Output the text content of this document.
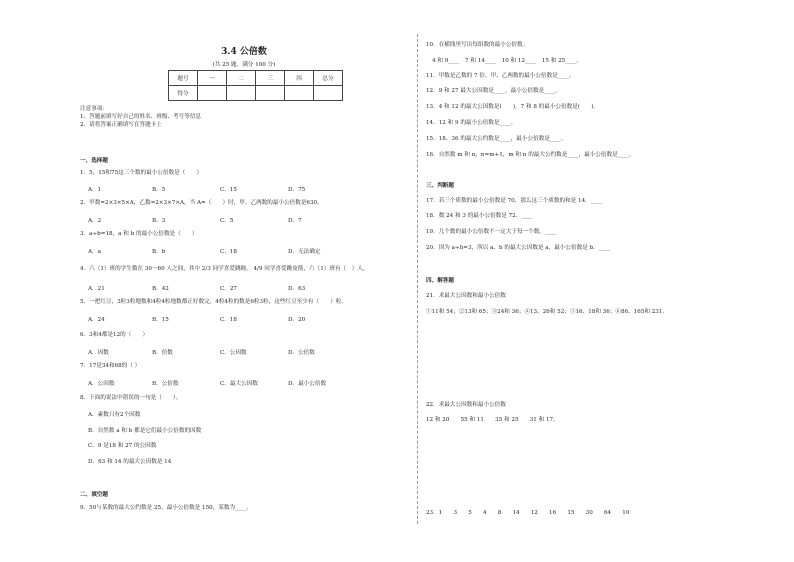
3.4 公倍数
(共 25 题，满分 100 分)
题号	一	二	三	四	总分
得分					
注意事项：
1、答题前填写好自己的姓名、班级、考号等信息
2、请将答案正确填写在答题卡上
一、选择题
1．5，15和75这三个数的最小公倍数是（　　）
A．1	B．5	C．15	D．75
2．甲数=2×3×5×A，乙数=2×3×7×A，当 A=（　　）时，甲、乙两数的最小公倍数是630。
A．2	B．3	C．5	D．7
3．a÷b=18，a 和 b 的最小公倍数是（　　）
A．a	B．b	C．18	D．无法确定
4．六（1）班的学生数在 30～60 人之间，其中 2/3 同学喜爱跳绳， 4/9 同学喜爱跳皮筋，六（1）班有（　）人。
A．21	B．42	C．27	D．63
5．一把红豆，3粒3粒地数和4粒4粒地数都正好数完，4粒4粒的数是6粒3粒，这些红豆至少有（　　）粒。
A．24	B．15	C．18	D．20
6．3和4都是12的（　　）
A．因数	B．倍数	C．公因数	D．公倍数
7．17是34和68的（ ）
A．公因数	B．公倍数	C．最大公因数	D．最小公倍数
8．下面的说法中错误的一句是（　　）。
A．素数只有2个因数
B．自然数 a 和 b 都是它们最小公倍数的因数
C．9 是18 和 27 的公因数
D．63 和 14 的最大公因数是 14
二、填空题
9．50与某数的最大公约数是 25，最小公倍数是 150，某数为____。
10．在横线里写出每组数的最小公倍数。
4 和 9____　7 和 14____　10 和 12____　15 和 25____。
11．甲数是乙数的 7 倍，甲、乙两数的最小公倍数是____。
12．9 和 27 最大公因数是____，最小公倍数是____。
13．4 和 12 的最大公因数是(　　)，7 和 8 的最小公倍数是(　　)。
14．12 和 9 的最小公倍数是____。
15．18、36 的最大公约数是____，最小公倍数是____。
16．自然数 m 和 n，n=m+1，m 和 n 的最大公约数是____，最小公倍数是____。
三、判断题
17．若三个质数的最小公倍数是 70，那么这三个质数的和是 14．____
18．数 24 和 3 的最小公倍数是 72．____
19．几个数的最小公倍数不一定大于每一个数。____
20．因为 a÷b=3，所以 a、b 的最大公因数是 a，最小公倍数是 b．____
四、解答题
21．求最大公因数和最小公倍数
①11和 54；②13和 65；③24和 36；④13、26和 52；⑤16、18和 36；⑥86、165和 231．
22．求最大公因数和最小公倍数
12 和 20　　55 和 11　　35 和 25　　31 和 17。
23．1　　3　　5　　4　　8　　14　　12　　16　　15　　30　　64　　10
